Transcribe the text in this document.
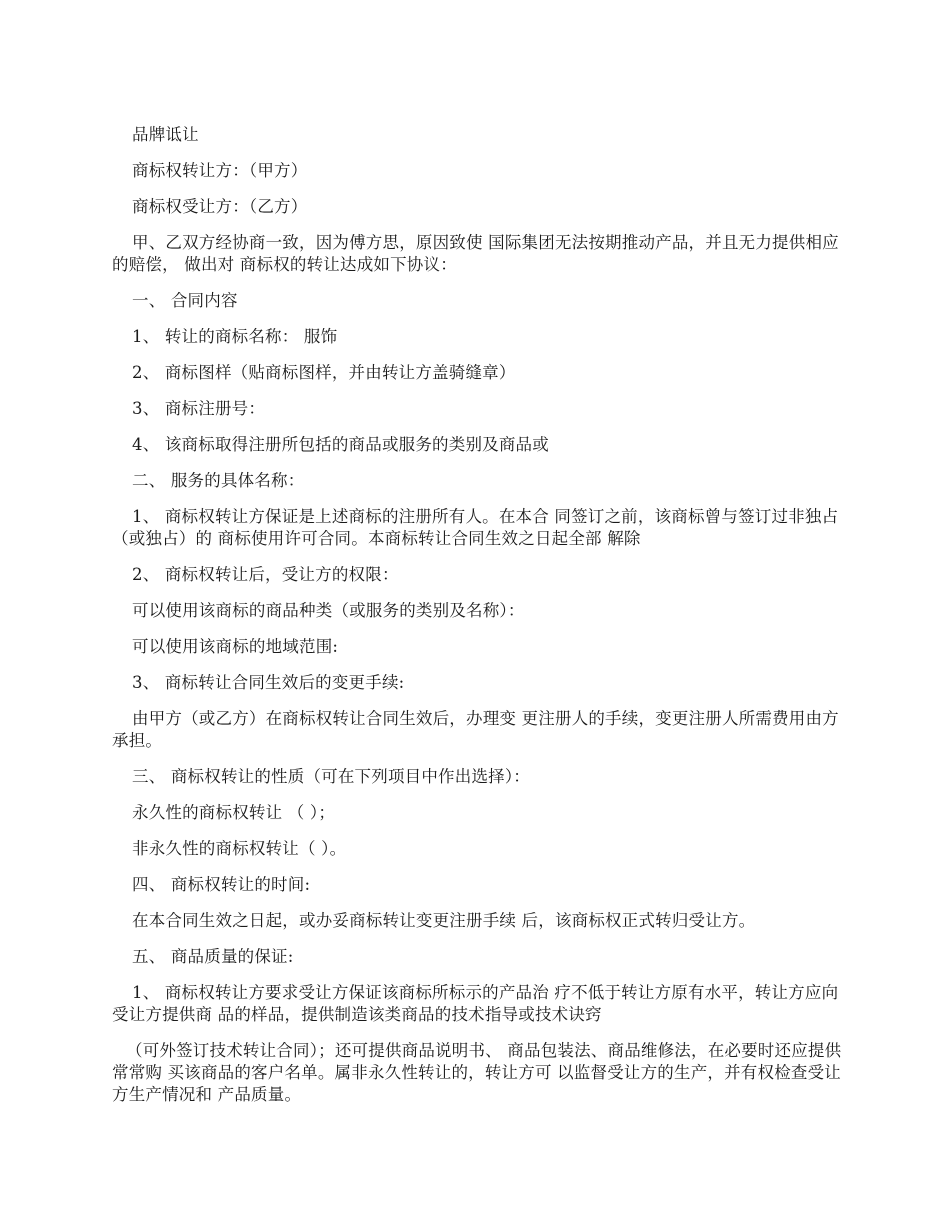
品牌诋让

商标权转让方：（甲方）

商标权受让方：（乙方）

甲、乙双方经协商一致，因为傅方思，原因致使 国际集团无法按期推动产品，并且无力提供相应的赔偿， 做出对 商标权的转让达成如下协议：

一、 合同内容

1、 转让的商标名称： 服饰

2、 商标图样（贴商标图样，并由转让方盖骑缝章）

3、 商标注册号：

4、 该商标取得注册所包括的商品或服务的类别及商品或

二、 服务的具体名称：

1、 商标权转让方保证是上述商标的注册所有人。在本合 同签订之前，该商标曾与签订过非独占（或独占）的 商标使用许可合同。本商标转让合同生效之日起全部 解除

2、 商标权转让后，受让方的权限：

可以使用该商标的商品种类（或服务的类别及名称）：

可以使用该商标的地域范围:

3、 商标转让合同生效后的变更手续:

由甲方（或乙方）在商标权转让合同生效后，办理变 更注册人的手续，变更注册人所需费用由方 承担。

三、 商标权转让的性质（可在下列项目中作出选择）：

永久性的商标权转让 （ ）；

非永久性的商标权转让（ ）。

四、 商标权转让的时间:

在本合同生效之日起，或办妥商标转让变更注册手续 后，该商标权正式转归受让方。

五、 商品质量的保证:

1、 商标权转让方要求受让方保证该商标所标示的产品治 疗不低于转让方原有水平，转让方应向受让方提供商 品的样品，提供制造该类商品的技术指导或技术诀窍

（可外签订技术转让合同）；还可提供商品说明书、 商品包装法、商品维修法，在必要时还应提供常常购 买该商品的客户名单。属非永久性转让的，转让方可 以监督受让方的生产，并有权检查受让方生产情况和 产品质量。
